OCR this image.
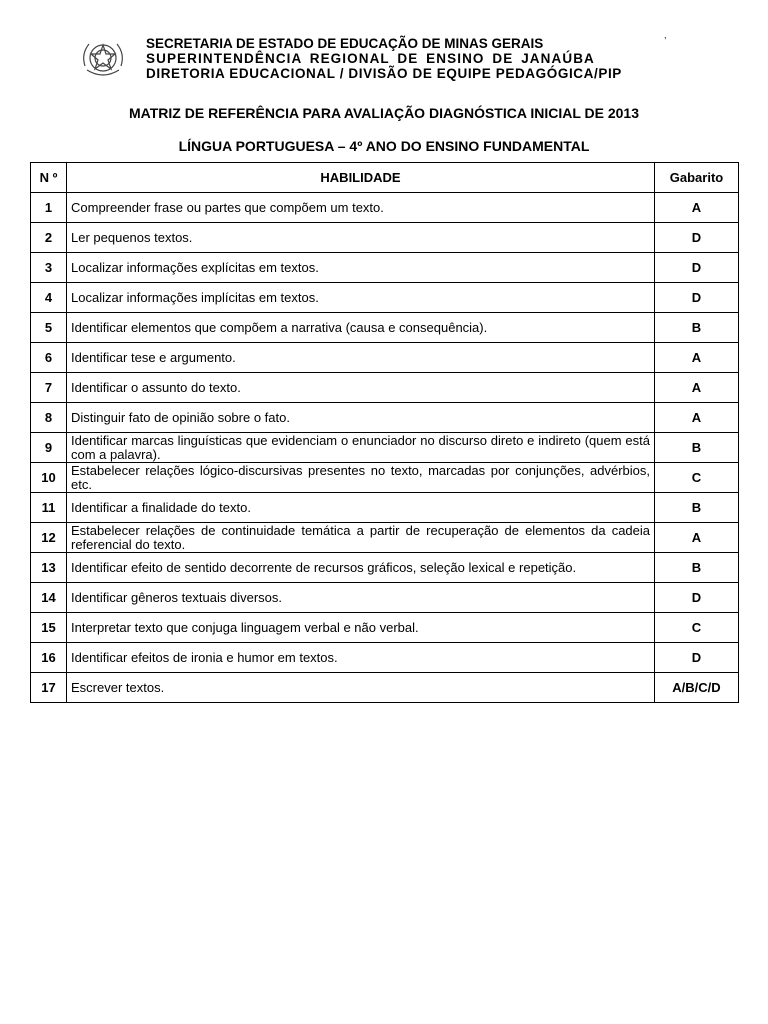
SECRETARIA DE ESTADO DE EDUCAÇÃO DE MINAS GERAIS
SUPERINTENDÊNCIA REGIONAL DE ENSINO DE JANAÚBA
DIRETORIA EDUCACIONAL / DIVISÃO DE EQUIPE PEDAGÓGICA/PIP
,
MATRIZ DE REFERÊNCIA PARA AVALIAÇÃO DIAGNÓSTICA INICIAL DE 2013
LÍNGUA PORTUGUESA – 4º ANO DO ENSINO FUNDAMENTAL
N º	HABILIDADE	Gabarito
1	Compreender frase ou partes que compõem um texto.	A
2	Ler pequenos textos.	D
3	Localizar informações explícitas em textos.	D
4	Localizar informações implícitas em textos.	D
5	Identificar elementos que compõem a narrativa (causa e consequência).	B
6	Identificar tese e argumento.	A
7	Identificar o assunto do texto.	A
8	Distinguir fato de opinião sobre o fato.	A
9	Identificar marcas linguísticas que evidenciam o enunciador no discurso direto e indireto (quem está com a palavra).	B
10	Estabelecer relações lógico-discursivas presentes no texto, marcadas por conjunções, advérbios, etc.	C
11	Identificar a finalidade do texto.	B
12	Estabelecer relações de continuidade temática a partir de recuperação de elementos da cadeia referencial do texto.	A
13	Identificar efeito de sentido decorrente de recursos gráficos, seleção lexical e repetição.	B
14	Identificar gêneros textuais diversos.	D
15	Interpretar texto que conjuga linguagem verbal e não verbal.	C
16	Identificar efeitos de ironia e humor em textos.	D
17	Escrever textos.	A/B/C/D
